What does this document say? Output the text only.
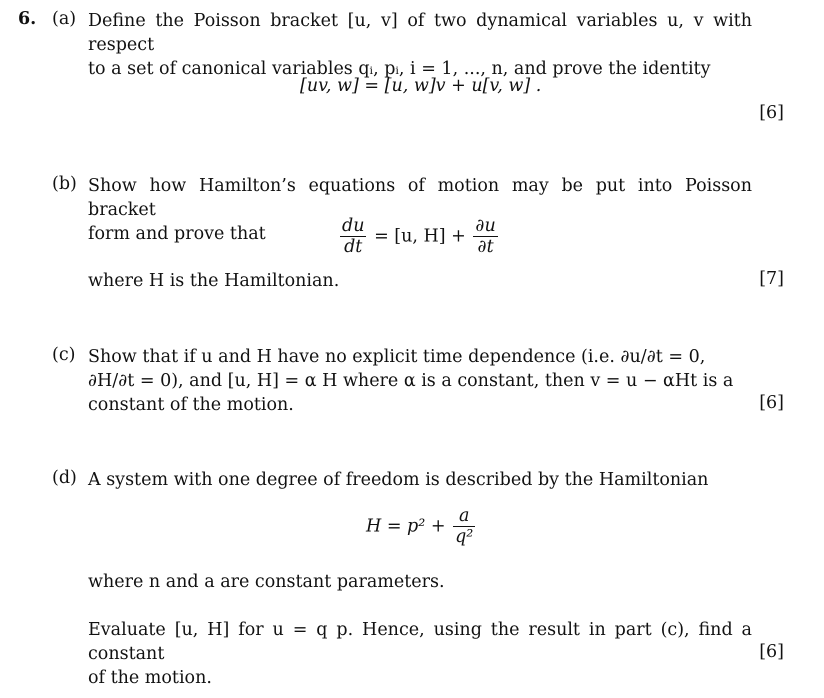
6. (a) Define the Poisson bracket [u, v] of two dynamical variables u, v with respect
to a set of canonical variables qᵢ, pᵢ, i = 1, ..., n, and prove the identity
[uv, w] = [u, w]v + u[v, w] .
[6]
(b) Show how Hamilton’s equations of motion may be put into Poisson bracket
form and prove that	$\frac{du}{dt} = [u$, $H] + \frac{\partial u}{\partial t}$
where H is the Hamiltonian.	[7]
(c) Show that if u and H have no explicit time dependence (i.e. ∂u/∂t = 0,
∂H/∂t = 0), and [u, H] = α H where α is a constant, then v = u − αHt is a
constant of the motion.	[6]
(d) A system with one degree of freedom is described by the Hamiltonian
$H = p^2 + \frac{a}{\text{q²}}$
where n and a are constant parameters.
Evaluate [u, H] for u = q p. Hence, using the result in part (c), find a constant
of the motion.
[6]
